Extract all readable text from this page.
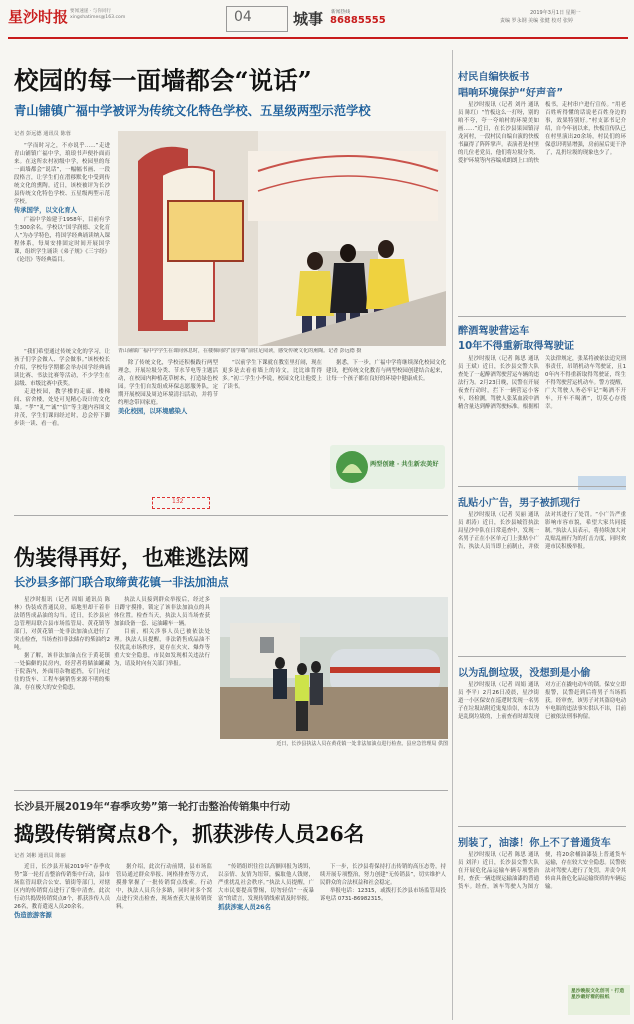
星沙时报 要闻速递 · 与你同行
xingshatimes@163.com	04	城事 新闻热线
86885555
2019年3月1日 星期一
责编 罗永钢 美编 张健 校对 张婷
校园的每一面墙都会“说话”
青山铺镇广福中学被评为传统文化特色学校、五星级两型示范学校
记者 彭远德 通讯员 陈蓉

“学而时习之，不亦说乎……”走进青山铺镇广福中学，琅琅书声便扑面而来。在这所农村初级中学，校园里的每一面墙都会“说话”，一幅幅书画、一段段格言，让学生们在潜移默化中受到传统文化的熏陶。近日，该校被评为长沙县传统文化特色学校、五星级两型示范学校。

传承国学，以文化育人

广福中学始建于1958年，目前有学生300余名。学校以“国学润德、文化育人”为办学特色，将国学经典诵读纳入课程体系，每周安排固定时间开展国学课，组织学生诵读《弟子规》《三字经》《论语》等经典篇目。

“我们希望通过传统文化的学习，让孩子们学会做人、学会做事。”该校校长介绍，学校每学期都会举办国学经典诵读比赛、书法比赛等活动，不少学生在县级、市级比赛中获奖。

走进校园，教学楼的走廊、楼梯间、宿舍楼，处处可见精心设计的文化墙。“孝”“礼”“诚”“信”等主题内容图文并茂，学生们课间经过时，总会停下脚步读一读、看一看。

青山铺镇广福中学学生在课间休息时，在楼梯间的“国学墙”前驻足阅读，感受传统文化的熏陶。记者 彭远德 摄

除了传统文化，学校还积极践行两型理念，开展垃圾分类、节水节电等主题活动，在校园内种植花草树木，打造绿色校园。学生们自发组成环保志愿服务队，定期开展校园及周边环境清扫活动，并将节约理念带回家庭。

美化校园，以环境感染人

“以前学生下课就在教室里打闹，现在更多是去看看墙上的诗文，比比谁背得多。”初二学生小李说，校园文化让他爱上了读书。

据悉，下一步，广福中学将继续深化校园文化建设，把传统文化教育与两型校园创建结合起来，让每一个孩子都在良好的环境中健康成长。

两型创建 · 共生新农美好
132
伪装得再好，也难逃法网
长沙县多部门联合取缔黄花镇一非法加油点

星沙时报讯（记者 周娟 通讯员 陈林）伪装成普通民房，暗地里却干着非法销售成品油的勾当。近日，长沙县应急管理局联合县市场监管局、黄花镇等部门，对黄花镇一处非法加油点进行了突击检查，当场查扣非法储存的柴油约2吨。

据了解，该非法加油点位于黄花镇一处偏僻的民房内，经营者将储油罐藏于院落内，外面用杂物遮挡，专门向过往的货车、工程车辆销售来源不明的柴油，存在极大的安全隐患。

执法人员接到群众举报后，经过多日蹲守摸排，锁定了该非法加油点的具体位置。检查当天，执法人员当场查获加油设备一套、运油罐车一辆。

目前，相关涉事人员已被依法处理。执法人员提醒，非法销售成品油不仅扰乱市场秩序，更存在火灾、爆炸等重大安全隐患，市民如发现相关违法行为，请及时向有关部门举报。

近日，长沙县执法人员在黄花镇一处非法加油点进行检查。县应急管理局 供图
长沙县开展2019年“春季攻势”第一轮打击整治传销集中行动
捣毁传销窝点8个，抓获涉传人员26名
记者 刘彬 通讯员 陈丽

近日，长沙县开展2019年“春季攻势”第一轮打击整治传销集中行动，县市场监管局联合公安、镇街等部门，对辖区内的传销窝点进行了集中清查。此次行动共捣毁传销窝点8个，抓获涉传人员26名，教育遣返人员20余名。

伪造旅游客源

据介绍，此次行动前期，县市场监管局通过群众举报、网格排查等方式，摸排掌握了一批传销窝点线索。行动中，执法人员兵分多路，同时对多个窝点进行突击检查，现场查获大量传销资料。

“传销组织往往以高额回报为诱饵，以亲情、友情为纽带，骗取他人钱财，严重扰乱社会秩序。”执法人员提醒，广大市民要提高警惕，切勿轻信“一夜暴富”的谎言，发现传销线索请及时举报。

抓获涉案人员26名

下一步，长沙县将保持打击传销的高压态势，持续开展专项整治，努力创建“无传销县”，切实维护人民群众的合法权益和社会稳定。

举报电话：12315，或拨打长沙县市场监管局投诉电话 0731-86982315。

村民自编快板书
唱响环境保护“好声音”

星沙时报讯（记者 刘丹 通讯员 陈红）“竹板这么一打呀，别的咱不夸，夸一夸咱村的环境美如画……”近日，在长沙县果园镇浔龙河村，一段村民自编自演的快板书赢得了阵阵掌声。表演者是村里的几位老党员，他们将垃圾分类、爱护环境等内容编成朗朗上口的快板书，走村串户进行宣传。“用老百姓听得懂的话说老百姓身边的事，效果特别好。”村支部书记介绍，自今年初以来，快板宣传队已在村里演出20余场，村民们的环保意识明显增强，房前屋后更干净了，乱扔垃圾的现象也少了。

醉酒驾驶营运车
10年不得重新取得驾驶证

星沙时报讯（记者 陈思 通讯员 王斌）近日，长沙县交警大队查处了一起醉酒驾驶营运车辆的违法行为。2月23日晚，民警在开展夜查行动时，拦下一辆营运小客车，经检测，驾驶人张某血液中酒精含量达到醉酒驾驶标准。根据相关法律规定，张某将被依法追究刑事责任，吊销机动车驾驶证，且10年内不得重新取得驾驶证，终生不得驾驶营运机动车。警方提醒，广大驾驶人务必牢记“喝酒不开车，开车不喝酒”，切莫心存侥幸。

乱贴小广告，男子被抓现行

星沙时报讯（记者 吴丽 通讯员 胡涛）近日，长沙县城管执法局星沙中队在日常巡查中，发现一名男子正在小区单元门上张贴小广告，执法人员当即上前制止，并依法对其进行了处罚。“小广告严重影响市容市貌，希望大家共同抵制。”执法人员表示，将持续加大对乱贴乱画行为的打击力度，同时欢迎市民积极举报。

以为乱倒垃圾，没想到是小偷

星沙时报讯（记者 周娟 通讯员 李平）2月26日凌晨，星沙街道一小区保安在巡逻时发现一名男子在垃圾站附近鬼鬼祟祟，本以为是乱倒垃圾的，上前查看时却发现对方正在撬电动车的锁。保安立即报警，民警赶到后将男子当场抓获。经审查，该男子对其盗窃电动车电瓶的违法事实供认不讳，目前已被依法刑事拘留。

别装了，油漆！你上不了普通货车

星沙时报讯（记者 陈思 通讯员 刘洋）近日，长沙县交警大队在开展危化品运输车辆专项整治时，查获一辆违规运输油漆的普通货车。经查，该车驾驶人为图方便，将20余桶油漆装上普通货车运输，存在较大安全隐患。民警依法对驾驶人进行了处罚，并责令其转由具备危化品运输资质的车辆运输。

星沙晚报文化创刊 · 打造星沙最好看的报纸
